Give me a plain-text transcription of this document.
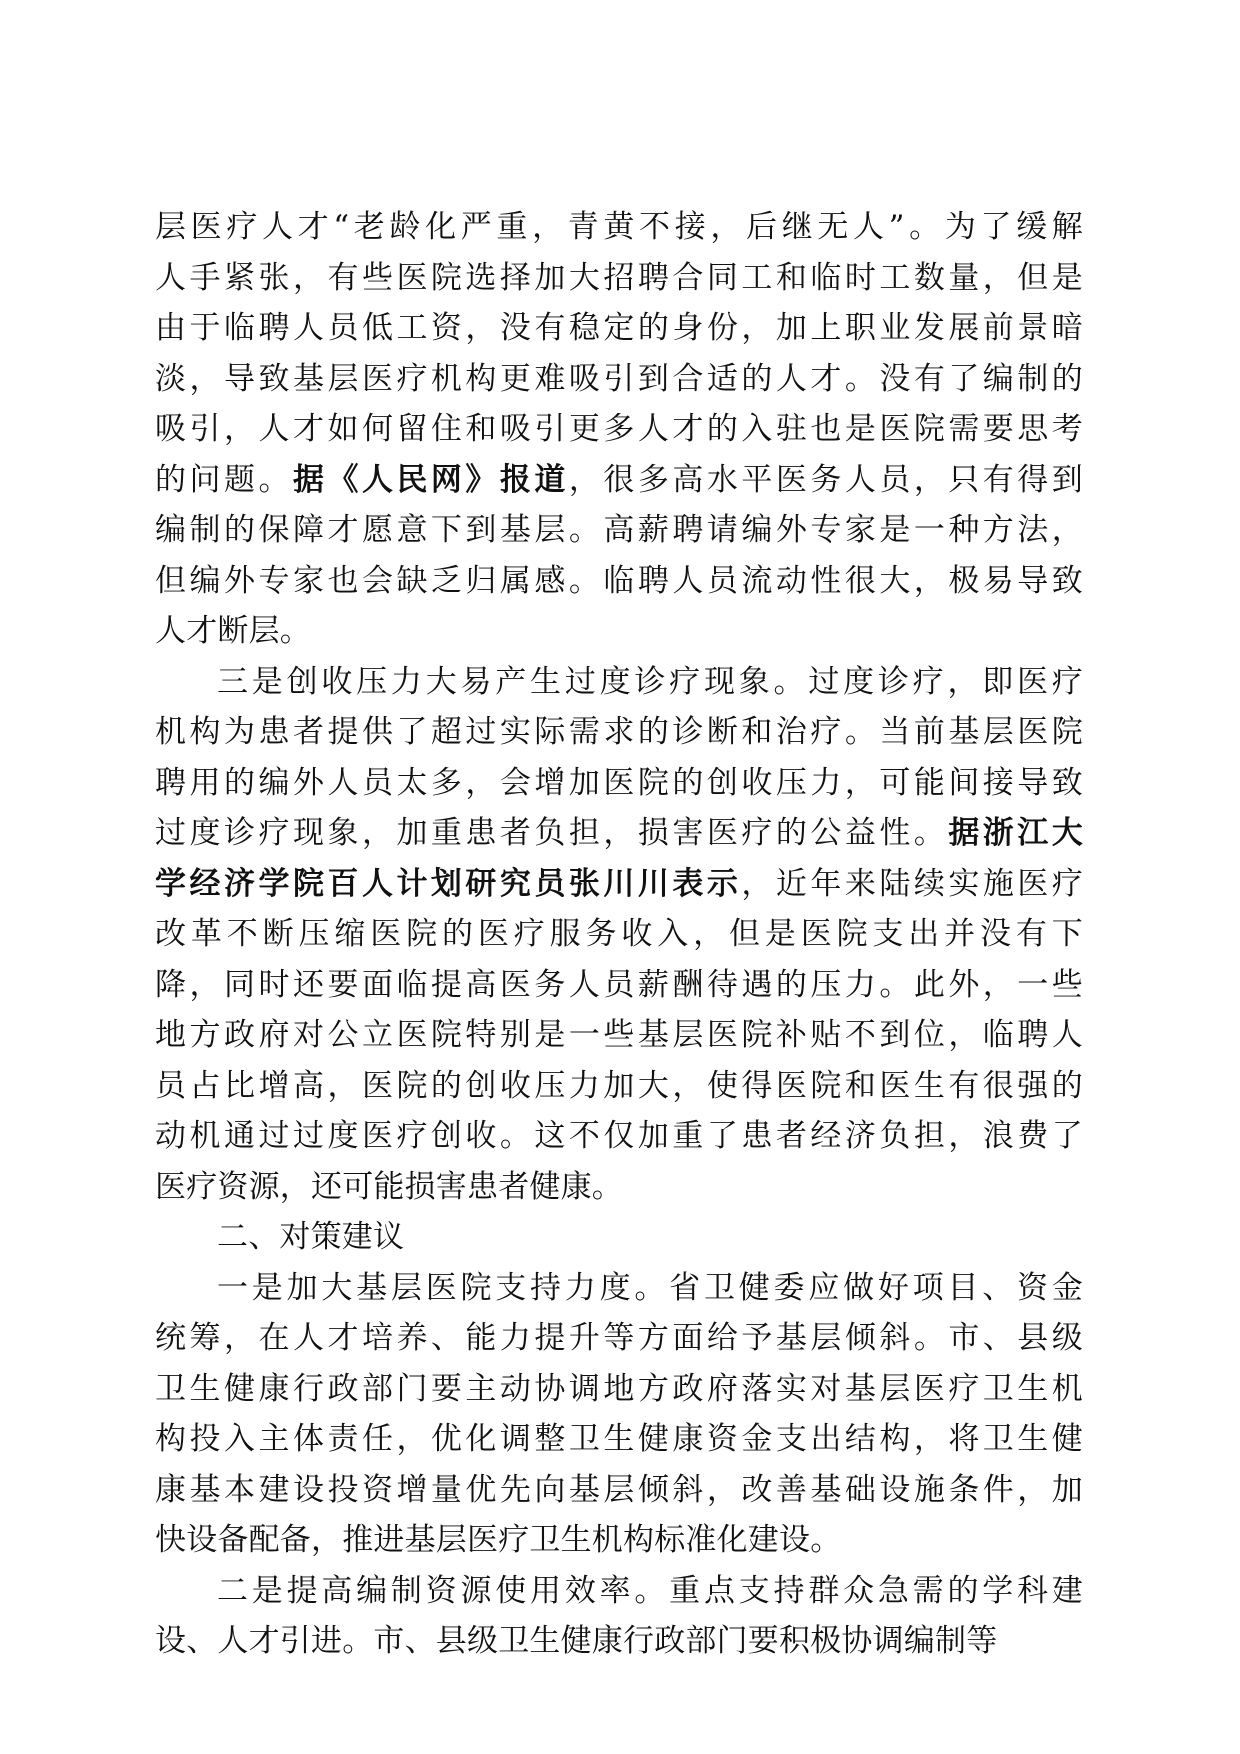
层医疗人才“老龄化严重，青黄不接，后继无人”。为了缓解
人手紧张，有些医院选择加大招聘合同工和临时工数量，但是
由于临聘人员低工资，没有稳定的身份，加上职业发展前景暗
淡，导致基层医疗机构更难吸引到合适的人才。没有了编制的
吸引，人才如何留住和吸引更多人才的入驻也是医院需要思考
的问题。据《人民网》报道，很多高水平医务人员，只有得到
编制的保障才愿意下到基层。高薪聘请编外专家是一种方法，
但编外专家也会缺乏归属感。临聘人员流动性很大，极易导致
人才断层。
三是创收压力大易产生过度诊疗现象。过度诊疗，即医疗
机构为患者提供了超过实际需求的诊断和治疗。当前基层医院
聘用的编外人员太多，会增加医院的创收压力，可能间接导致
过度诊疗现象，加重患者负担，损害医疗的公益性。据浙江大
学经济学院百人计划研究员张川川表示，近年来陆续实施医疗
改革不断压缩医院的医疗服务收入，但是医院支出并没有下
降，同时还要面临提高医务人员薪酬待遇的压力。此外，一些
地方政府对公立医院特别是一些基层医院补贴不到位，临聘人
员占比增高，医院的创收压力加大，使得医院和医生有很强的
动机通过过度医疗创收。这不仅加重了患者经济负担，浪费了
医疗资源，还可能损害患者健康。
二、对策建议
一是加大基层医院支持力度。省卫健委应做好项目、资金
统筹，在人才培养、能力提升等方面给予基层倾斜。市、县级
卫生健康行政部门要主动协调地方政府落实对基层医疗卫生机
构投入主体责任，优化调整卫生健康资金支出结构，将卫生健
康基本建设投资增量优先向基层倾斜，改善基础设施条件，加
快设备配备，推进基层医疗卫生机构标准化建设。
二是提高编制资源使用效率。重点支持群众急需的学科建
设、人才引进。市、县级卫生健康行政部门要积极协调编制等
